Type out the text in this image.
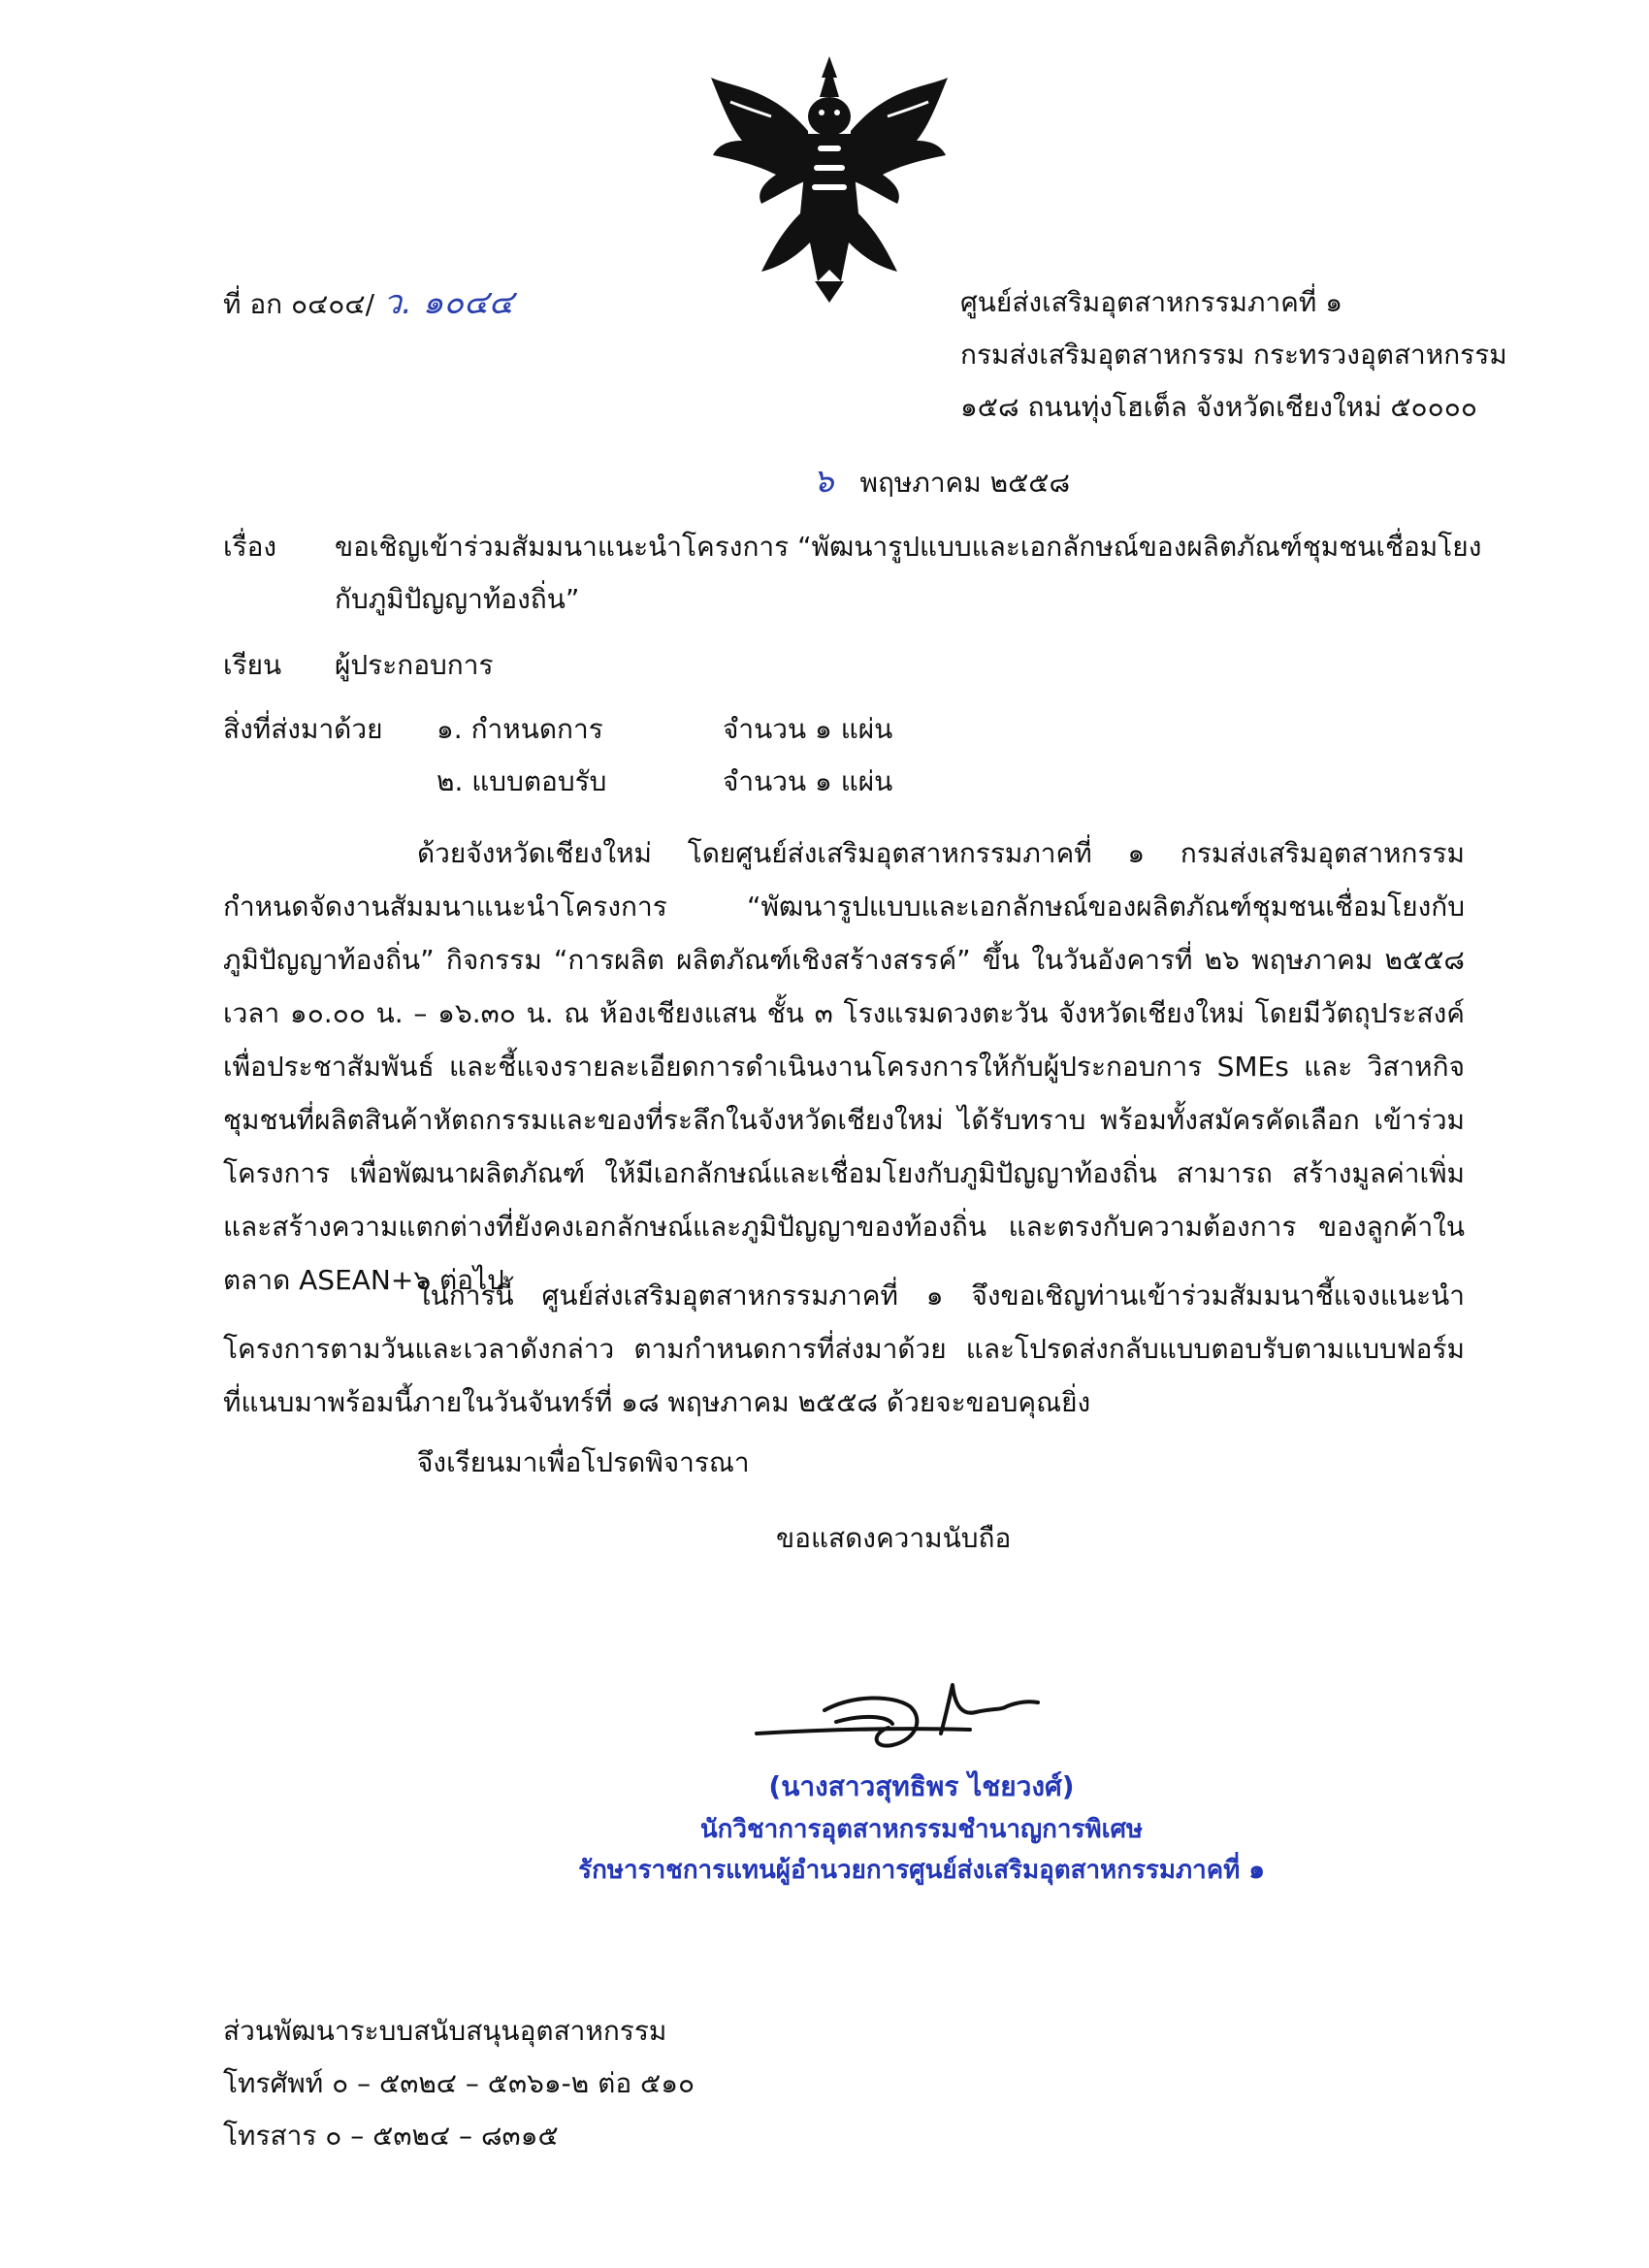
ที่ อก ๐๔๐๔/ ว. ๑๐๔๔	ศูนย์ส่งเสริมอุตสาหกรรมภาคที่ ๑
กรมส่งเสริมอุตสาหกรรม กระทรวงอุตสาหกรรม
๑๕๘ ถนนทุ่งโฮเต็ล จังหวัดเชียงใหม่ ๕๐๐๐๐
๖ พฤษภาคม ๒๕๕๘
เรื่อง ขอเชิญเข้าร่วมสัมมนาแนะนำโครงการ “พัฒนารูปแบบและเอกลักษณ์ของผลิตภัณฑ์ชุมชนเชื่อมโยง
กับภูมิปัญญาท้องถิ่น”
เรียน ผู้ประกอบการ
สิ่งที่ส่งมาด้วย ๑. กำหนดการ	จำนวน ๑ แผ่น
๒. แบบตอบรับ	จำนวน ๑ แผ่น
ด้วยจังหวัดเชียงใหม่ โดยศูนย์ส่งเสริมอุตสาหกรรมภาคที่ ๑ กรมส่งเสริมอุตสาหกรรม กำหนดจัดงานสัมมนาแนะนำโครงการ “พัฒนารูปแบบและเอกลักษณ์ของผลิตภัณฑ์ชุมชนเชื่อมโยงกับภูมิปัญญาท้องถิ่น” กิจกรรม “การผลิต ผลิตภัณฑ์เชิงสร้างสรรค์” ขึ้น ในวันอังคารที่ ๒๖ พฤษภาคม ๒๕๕๘ เวลา ๑๐.๐๐ น. – ๑๖.๓๐ น. ณ ห้องเชียงแสน ชั้น ๓ โรงแรมดวงตะวัน จังหวัดเชียงใหม่ โดยมีวัตถุประสงค์ เพื่อประชาสัมพันธ์ และชี้แจงรายละเอียดการดำเนินงานโครงการให้กับผู้ประกอบการ SMEs และ วิสาหกิจชุมชนที่ผลิตสินค้าหัตถกรรมและของที่ระลึกในจังหวัดเชียงใหม่ ได้รับทราบ พร้อมทั้งสมัครคัดเลือก เข้าร่วมโครงการ เพื่อพัฒนาผลิตภัณฑ์ ให้มีเอกลักษณ์และเชื่อมโยงกับภูมิปัญญาท้องถิ่น สามารถ สร้างมูลค่าเพิ่มและสร้างความแตกต่างที่ยังคงเอกลักษณ์และภูมิปัญญาของท้องถิ่น และตรงกับความต้องการ ของลูกค้าในตลาด ASEAN+๖ ต่อไป
ในการนี้ ศูนย์ส่งเสริมอุตสาหกรรมภาคที่ ๑ จึงขอเชิญท่านเข้าร่วมสัมมนาชี้แจงแนะนำ โครงการตามวันและเวลาดังกล่าว ตามกำหนดการที่ส่งมาด้วย และโปรดส่งกลับแบบตอบรับตามแบบฟอร์ม ที่แนบมาพร้อมนี้ภายในวันจันทร์ที่ ๑๘ พฤษภาคม ๒๕๕๘ ด้วยจะขอบคุณยิ่ง
จึงเรียนมาเพื่อโปรดพิจารณา
ขอแสดงความนับถือ
(นางสาวสุทธิพร ไชยวงศ์)
นักวิชาการอุตสาหกรรมชำนาญการพิเศษ
รักษาราชการแทนผู้อำนวยการศูนย์ส่งเสริมอุตสาหกรรมภาคที่ ๑
ส่วนพัฒนาระบบสนับสนุนอุตสาหกรรม
โทรศัพท์ ๐ – ๕๓๒๔ – ๕๓๖๑-๒ ต่อ ๕๑๐
โทรสาร ๐ – ๕๓๒๔ – ๘๓๑๕
